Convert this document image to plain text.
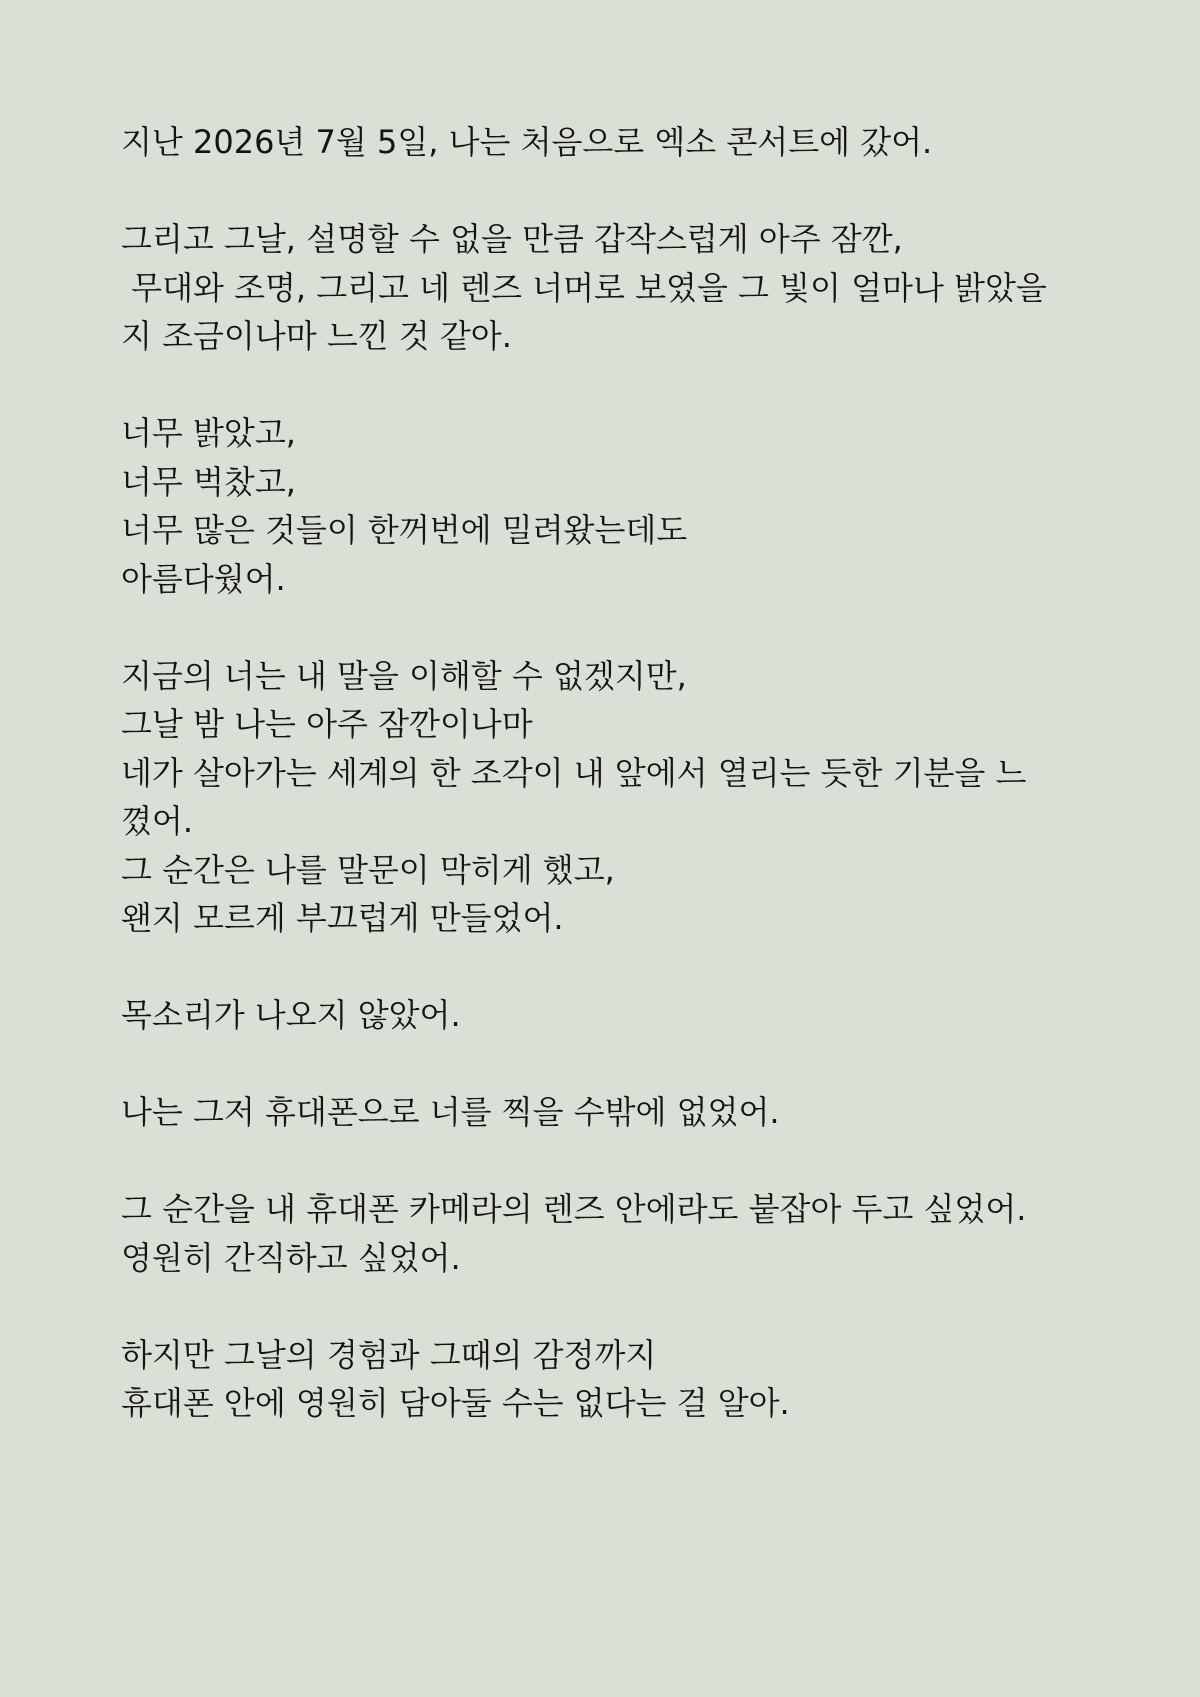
지난 2026년 7월 5일, 나는 처음으로 엑소 콘서트에 갔어.
그리고 그날, 설명할 수 없을 만큼 갑작스럽게 아주 잠깐,
무대와 조명, 그리고 네 렌즈 너머로 보였을 그 빛이 얼마나 밝았을
지 조금이나마 느낀 것 같아.
너무 밝았고,
너무 벅찼고,
너무 많은 것들이 한꺼번에 밀려왔는데도
아름다웠어.
지금의 너는 내 말을 이해할 수 없겠지만,
그날 밤 나는 아주 잠깐이나마
네가 살아가는 세계의 한 조각이 내 앞에서 열리는 듯한 기분을 느
꼈어.
그 순간은 나를 말문이 막히게 했고,
왠지 모르게 부끄럽게 만들었어.
목소리가 나오지 않았어.
나는 그저 휴대폰으로 너를 찍을 수밖에 없었어.
그 순간을 내 휴대폰 카메라의 렌즈 안에라도 붙잡아 두고 싶었어.
영원히 간직하고 싶었어.
하지만 그날의 경험과 그때의 감정까지
휴대폰 안에 영원히 담아둘 수는 없다는 걸 알아.
